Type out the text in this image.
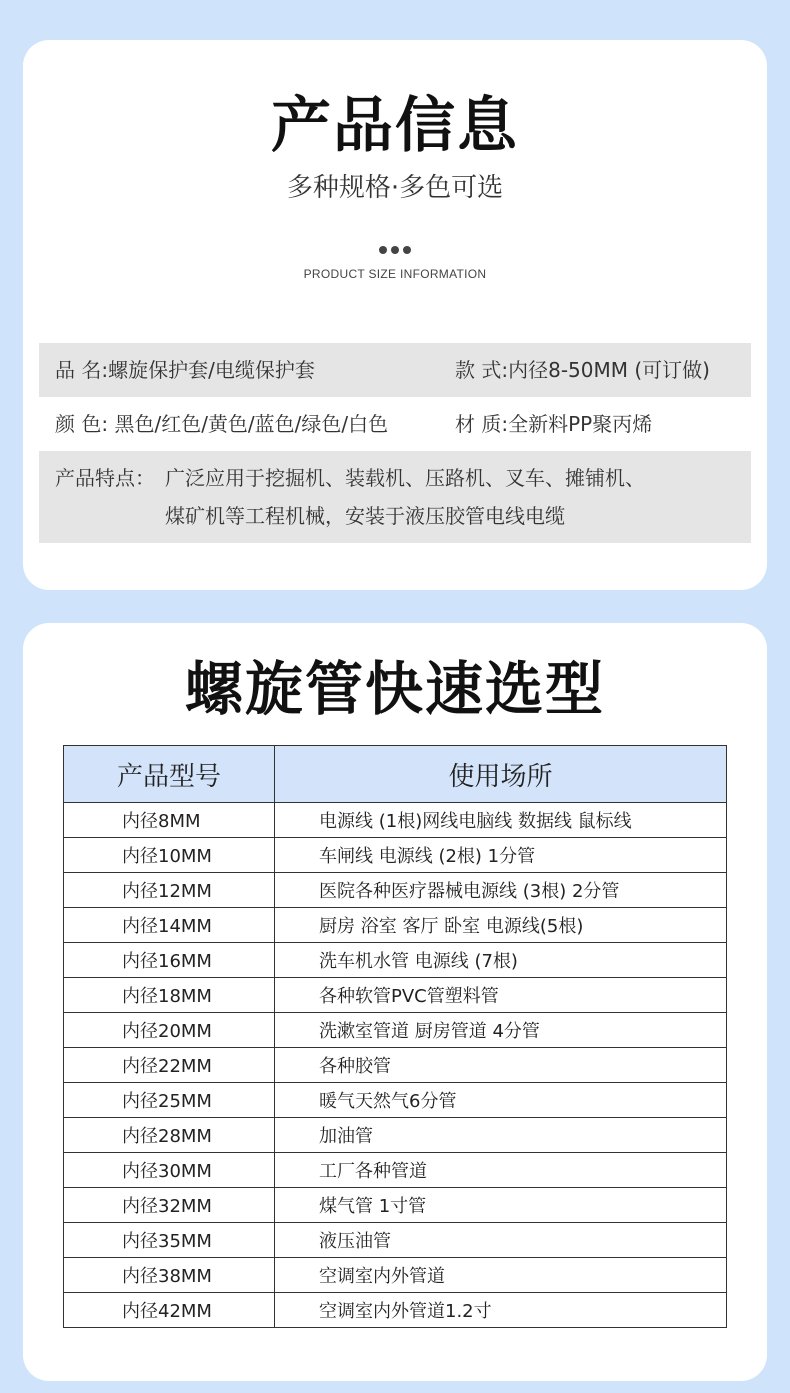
产品信息
多种规格·多色可选
PRODUCT SIZE INFORMATION
品 名:螺旋保护套/电缆保护套	款 式:内径8-50MM (可订做)
颜 色: 黑色/红色/黄色/蓝色/绿色/白色	材 质:全新料PP聚丙烯
产品特点： 广泛应用于挖掘机、装载机、压路机、叉车、摊铺机、
煤矿机等工程机械，安装于液压胶管电线电缆
螺旋管快速选型
产品型号	使用场所
内径8MM	电源线 (1根)网线电脑线 数据线 鼠标线
内径10MM	车闸线 电源线 (2根) 1分管
内径12MM	医院各种医疗器械电源线 (3根) 2分管
内径14MM	厨房 浴室 客厅 卧室 电源线(5根)
内径16MM	洗车机水管 电源线 (7根)
内径18MM	各种软管PVC管塑料管
内径20MM	洗漱室管道 厨房管道 4分管
内径22MM	各种胶管
内径25MM	暖气天然气6分管
内径28MM	加油管
内径30MM	工厂各种管道
内径32MM	煤气管 1寸管
内径35MM	液压油管
内径38MM	空调室内外管道
内径42MM	空调室内外管道1.2寸
